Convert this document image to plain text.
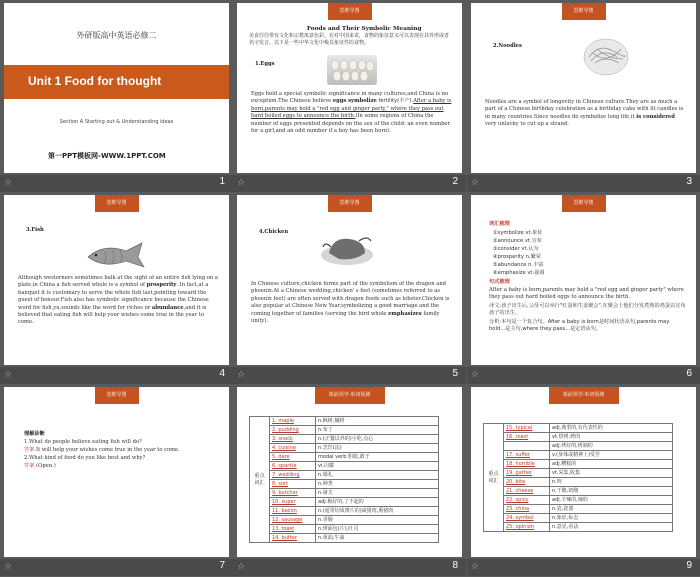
外研版高中英语必修二
Unit 1 Food for thought
Section A Starting out & Understanding ideas
第一PPT模板网-WWW.1PPT.COM
☆	1
思维导图
Foods and Their Symbolic Meaning
美食往往带有文化和宗教寓意色彩。在对中国来说，食物的象征意义可以表现在其外形或者名字发音。以下是一些中华文化中极具象征性的食物。
1.Eggs
Eggs hold a special symbolic significance in many cultures,and China is no exception.The Chinese believe eggs symbolize fertility(丰产).After a baby is born,parents may hold a "red egg and ginger party," where they pass out hard boiled eggs to announce the birth.(In some regions of China the number of eggs presented depends on the sex of the child: an even number for a girl,and an odd number if a boy has been born).
☆	2
思维导图
2.Noodles
Noodles are a symbol of longevity in Chinese culture.They are as much a part of a Chinese birthday celebration as a birthday cake with lit candles is in many countries.Since noodles do symbolize long life,it is considered very unlucky to cut up a strand.
☆	3
思维导图
3.Fish
Although westerners sometimes balk at the sight of an entire fish lying on a plate,in China a fish served whole is a symbol of prosperity. In fact,at a banquet it is customary to serve the whole fish last,pointing toward the guest of honour.Fish also has symbolic significance because the Chinese word for fish,yu,sounds like the word for riches or abundance,and it is believed that eating fish will help your wishes come true in the year to come.
☆	4
思维导图
4.Chicken
In Chinese culture,chicken forms part of the symbolism of the dragon and phoenix.At a Chinese wedding,chicken' s feet (sometimes referred to as phoenix feet) are often served with dragon foods such as lobster.Chicken is also popular at Chinese New Year,symbolizing a good marriage and the coming together of families (serving the bird whole emphasizes family unity).
☆	5
思维导图
词汇梳理
①symbolize vt.象征
②announce vt.宣布
③consider vt.认为
④prosperity n.繁荣
⑤abundance n.丰富
⑥emphasize vt.强调
句式梳理
After a baby is born,parents may hold a "red egg and ginger party" where they pass out hard boiled eggs to announce the birth.
译文:孩子出生后,父母可以举行"红蛋和生姜聚会",在聚会上他们分发煮熟的鸡蛋以宣布孩子的出生。
分析:本句是一个复合句。After a baby is born是时间状语从句,parents may hold...是主句,where they pass...是定语从句。
☆	6
思维导图
理解诊断
1.What do people believe eating fish will do?
答案 It will help your wishes come true in the year to come.
2.What kind of food do you like best and why?
答案 (Open.)
☆	7
课前预学·单词预测
重点词汇	1. maple	n.枫树,槭树
	2. pudding	n.布丁
	3. snack	n.(正餐以外的)小吃,点心
	4. cuisine	n.烹饪(法)
	5. dare	modal verb 胆敢,敢于
	6. sparkle	vi.闪耀
	7. wedding	n.婚礼
	8. sort	n.种类
	9. butcher	n.屠夫
	10. super	adj.极好的,了不起的
	11. bacon	n.(通常切成薄片的)咸猪肉,熏猪肉
	12. sausage	n.香肠
	13. toast	n.烤面包(片),吐司
	14. butter	n.黄油,牛油
☆	8
课前预学·单词预测
重点词汇	15. typical	adj.典型的,有代表性的
	16. roast	vt.烘烤,烤肉
		adj.烤好的,烤制的
	17. suffer	v.(身体或精神上)受苦
	18. horrible	adj.糟糕的
	19. gather	vt.采集,收集
	20. bite	n.咬
	21. cheese	n.干酪,奶酪
	22. spicy	adj.辛辣的,辣的
	23. china	n.瓷,瓷器
	24. symbol	n.象征,标志
	25. opinion	n.意见,看法
☆	9
